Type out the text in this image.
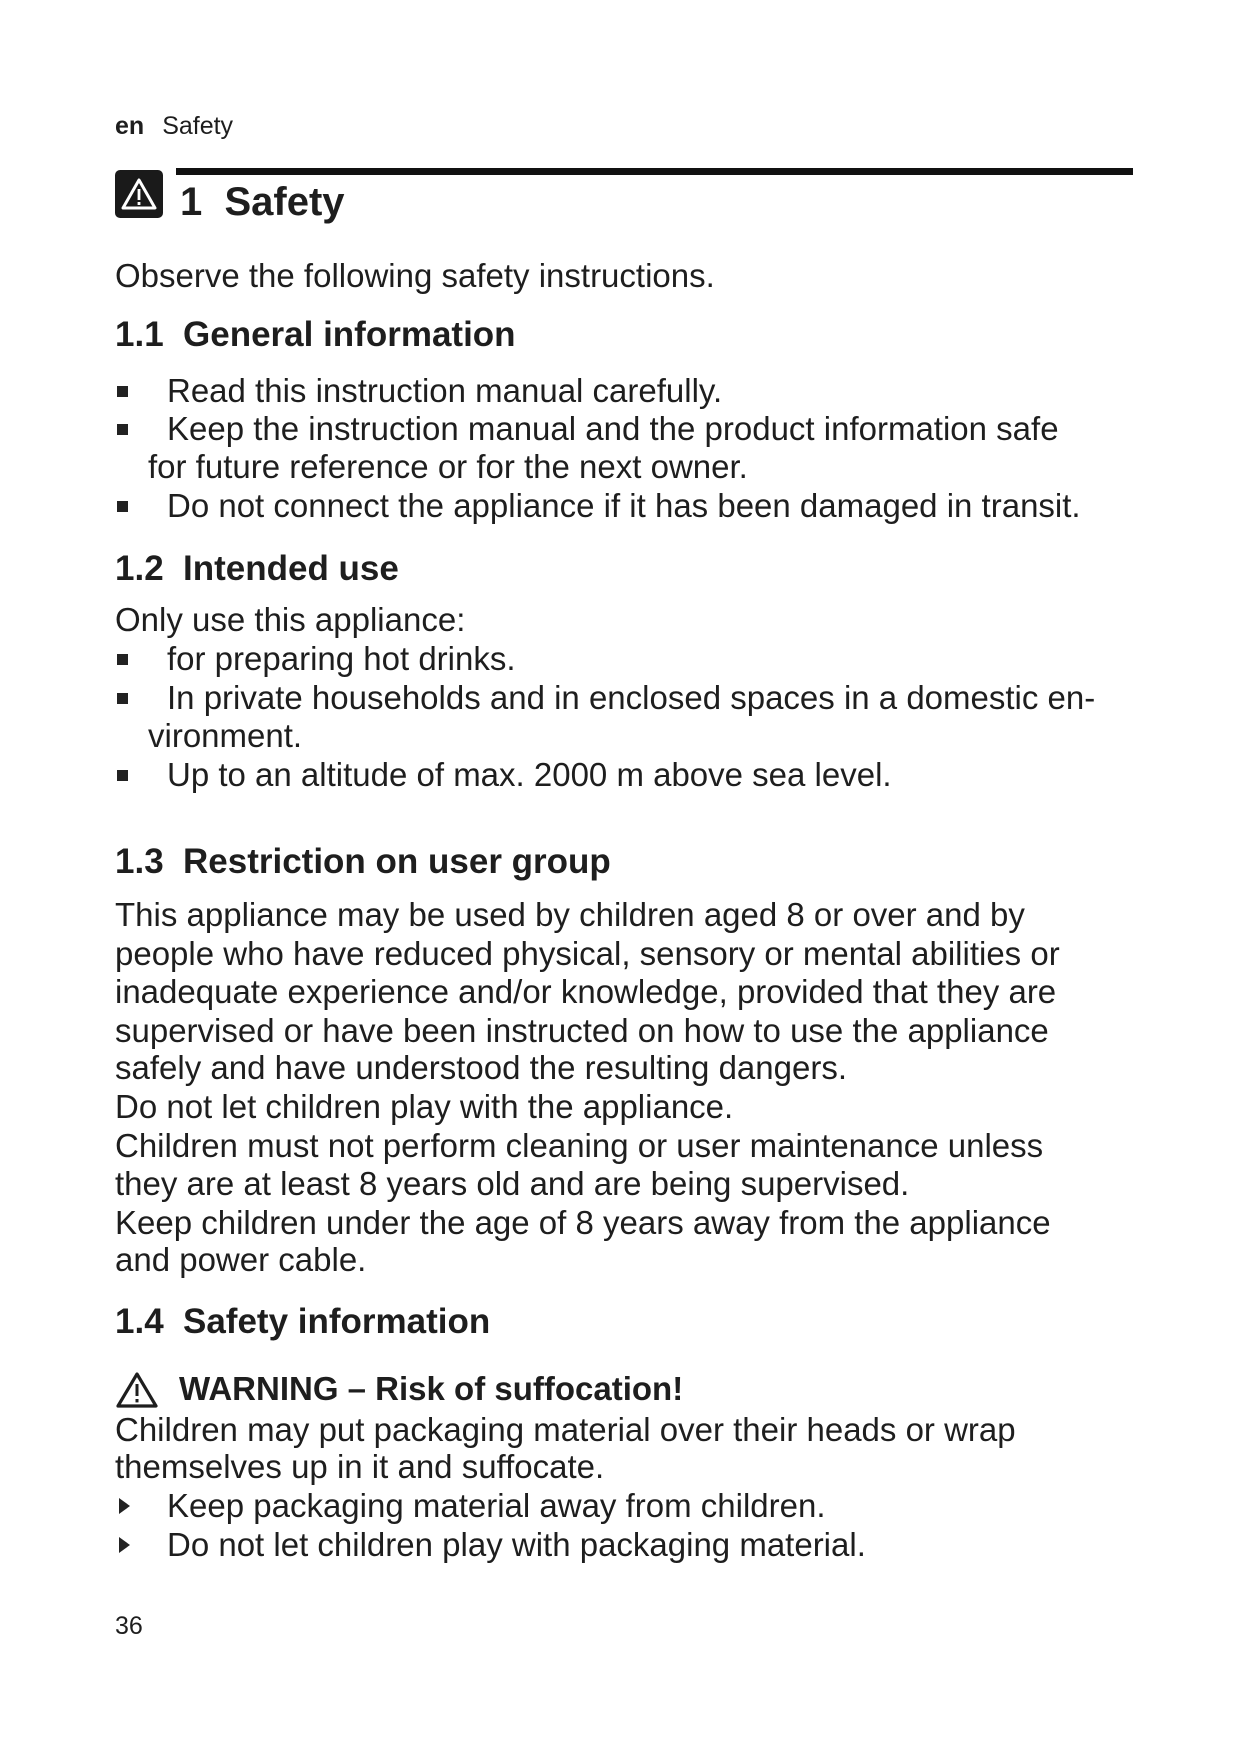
en Safety
1 Safety

Observe the following safety instructions.

1.1 General information
Read this instruction manual carefully.
Keep the instruction manual and the product information safe
for future reference or for the next owner.
Do not connect the appliance if it has been damaged in transit.
1.2 Intended use

Only use this appliance:

for preparing hot drinks.
In private households and in enclosed spaces in a domestic en-
vironment.
Up to an altitude of max. 2000 m above sea level.
1.3 Restriction on user group

This appliance may be used by children aged 8 or over and by

people who have reduced physical, sensory or mental abilities or

inadequate experience and/or knowledge, provided that they are

supervised or have been instructed on how to use the appliance

safely and have understood the resulting dangers.

Do not let children play with the appliance.

Children must not perform cleaning or user maintenance unless

they are at least 8 years old and are being supervised.

Keep children under the age of 8 years away from the appliance

and power cable.

1.4 Safety information
WARNING – Risk of suffocation!

Children may put packaging material over their heads or wrap

themselves up in it and suffocate.

Keep packaging material away from children.
Do not let children play with packaging material.
36
